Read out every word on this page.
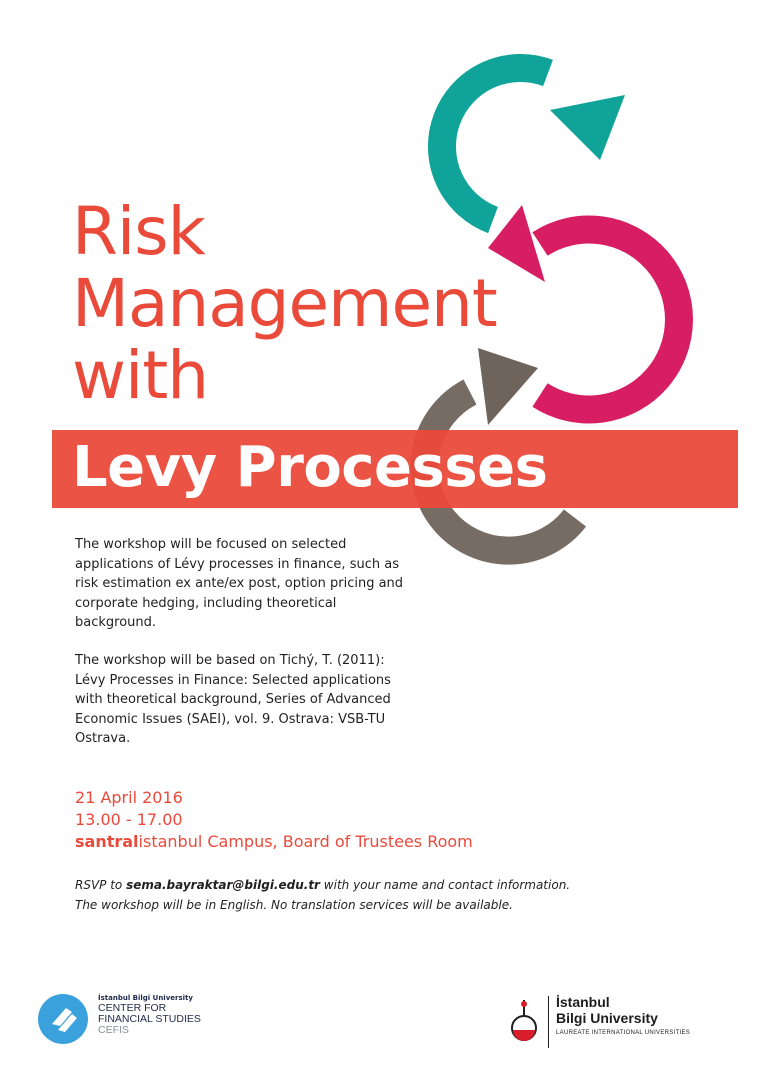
Risk
Management
with
Levy Processes

The workshop will be focused on selected applications of Lévy processes in finance, such as risk estimation ex ante/ex post, option pricing and corporate hedging, including theoretical background.

The workshop will be based on Tichý, T. (2011): Lévy Processes in Finance: Selected applications with theoretical background, Series of Advanced Economic Issues (SAEI), vol. 9. Ostrava: VSB-TU Ostrava.

21 April 2016

13.00 - 17.00

santralistanbul Campus, Board of Trustees Room

RSVP to sema.bayraktar@bilgi.edu.tr with your name and contact information.

The workshop will be in English. No translation services will be available.

İstanbul Bilgi University
CENTER FOR
FINANCIAL STUDIES
CEFIS
İstanbul
Bilgi University
LAUREATE INTERNATIONAL UNIVERSITIES
